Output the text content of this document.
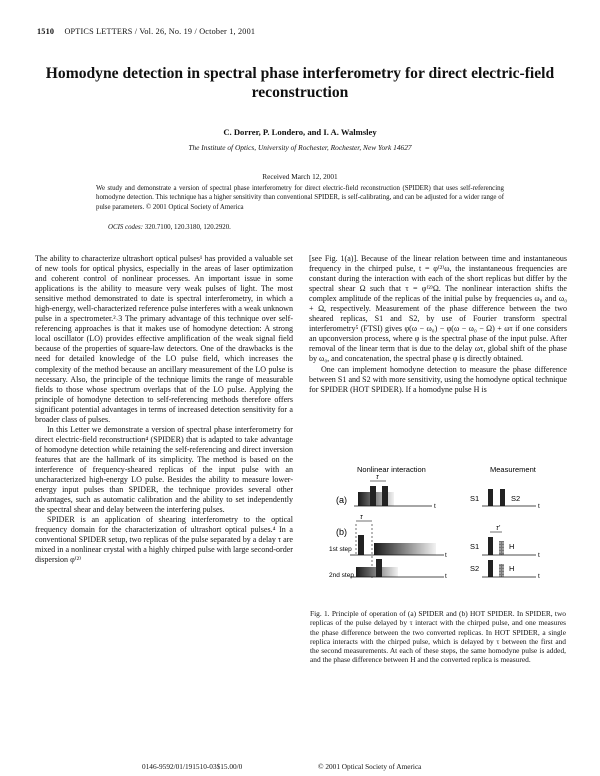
1510 OPTICS LETTERS / Vol. 26, No. 19 / October 1, 2001
Homodyne detection in spectral phase interferometry for direct electric-field reconstruction
C. Dorrer, P. Londero, and I. A. Walmsley
The Institute of Optics, University of Rochester, Rochester, New York 14627
Received March 12, 2001
We study and demonstrate a version of spectral phase interferometry for direct electric-field reconstruction (SPIDER) that uses self-referencing homodyne detection. This technique has a higher sensitivity than conventional SPIDER, is self-calibrating, and can be adjusted for a wider range of pulse parameters. © 2001 Optical Society of America
OCIS codes: 320.7100, 120.3180, 120.2920.

The ability to characterize ultrashort optical pulses¹ has provided a valuable set of new tools for optical physics, especially in the areas of laser optimization and coherent control of nonlinear processes. An important issue in some applications is the ability to measure very weak pulses of light. The most sensitive method demonstrated to date is spectral interferometry, in which a high-energy, well-characterized reference pulse interferes with a weak unknown pulse in a spectrometer.²˒3 The primary advantage of this technique over self-referencing approaches is that it makes use of homodyne detection: A strong local oscillator (LO) provides effective amplification of the weak signal field because of the properties of square-law detectors. One of the drawbacks is the need for detailed knowledge of the LO pulse field, which increases the complexity of the method because an ancillary measurement of the LO pulse is necessary. Also, the principle of the technique limits the range of measurable fields to those whose spectrum overlaps that of the LO pulse. Applying the principle of homodyne detection to self-referencing methods therefore offers significant potential advantages in terms of increased detection sensitivity for a broader class of pulses.

In this Letter we demonstrate a version of spectral phase interferometry for direct electric-field reconstruction⁴ (SPIDER) that is adapted to take advantage of homodyne detection while retaining the self-referencing and direct inversion features that are the hallmark of its simplicity. The method is based on the interference of frequency-sheared replicas of the input pulse with an uncharacterized high-energy LO pulse. Besides the ability to measure lower-energy input pulses than SPIDER, the technique provides several other advantages, such as automatic calibration and the ability to set independently the spectral shear and delay between the interfering pulses.

SPIDER is an application of shearing interferometry to the optical frequency domain for the characterization of ultrashort optical pulses.⁴ In a conventional SPIDER setup, two replicas of the pulse separated by a delay τ are mixed in a nonlinear crystal with a highly chirped pulse with large second-order dispersion φ⁽²⁾

[see Fig. 1(a)]. Because of the linear relation between time and instantaneous frequency in the chirped pulse, t = φ⁽²⁾ω, the instantaneous frequencies are constant during the interaction with each of the short replicas but differ by the spectral shear Ω such that τ = φ⁽²⁾Ω. The nonlinear interaction shifts the complex amplitude of the replicas of the initial pulse by frequencies ω₀ and ω₀ + Ω, respectively. Measurement of the phase difference between the two sheared replicas, S1 and S2, by use of Fourier transform spectral interferometry⁵ (FTSI) gives φ(ω − ω₀) − φ(ω − ω₀ − Ω) + ωτ if one considers an upconversion process, where φ is the spectral phase of the input pulse. After removal of the linear term that is due to the delay ωτ, global shift of the phase by ω₀, and concatenation, the spectral phase φ is directly obtained.

One can implement homodyne detection to measure the phase difference between S1 and S2 with more sensitivity, using the homodyne optical technique for SPIDER (HOT SPIDER). If a homodyne pulse H is

Nonlinear interaction	Measurement
(a)
(b)
1st step
2nd step
τ
t
S1	S2
t
τ
t
S1
τ'
H
t
t
S2	H
t
Fig. 1. Principle of operation of (a) SPIDER and (b) HOT SPIDER. In SPIDER, two replicas of the pulse delayed by τ interact with the chirped pulse, and one measures the phase difference between the two converted replicas. In HOT SPIDER, a single replica interacts with the chirped pulse, which is delayed by τ between the first and the second measurements. At each of these steps, the same homodyne pulse is added, and the phase difference between H and the converted replica is measured.
0146-9592/01/191510-03$15.00/0	© 2001 Optical Society of America
